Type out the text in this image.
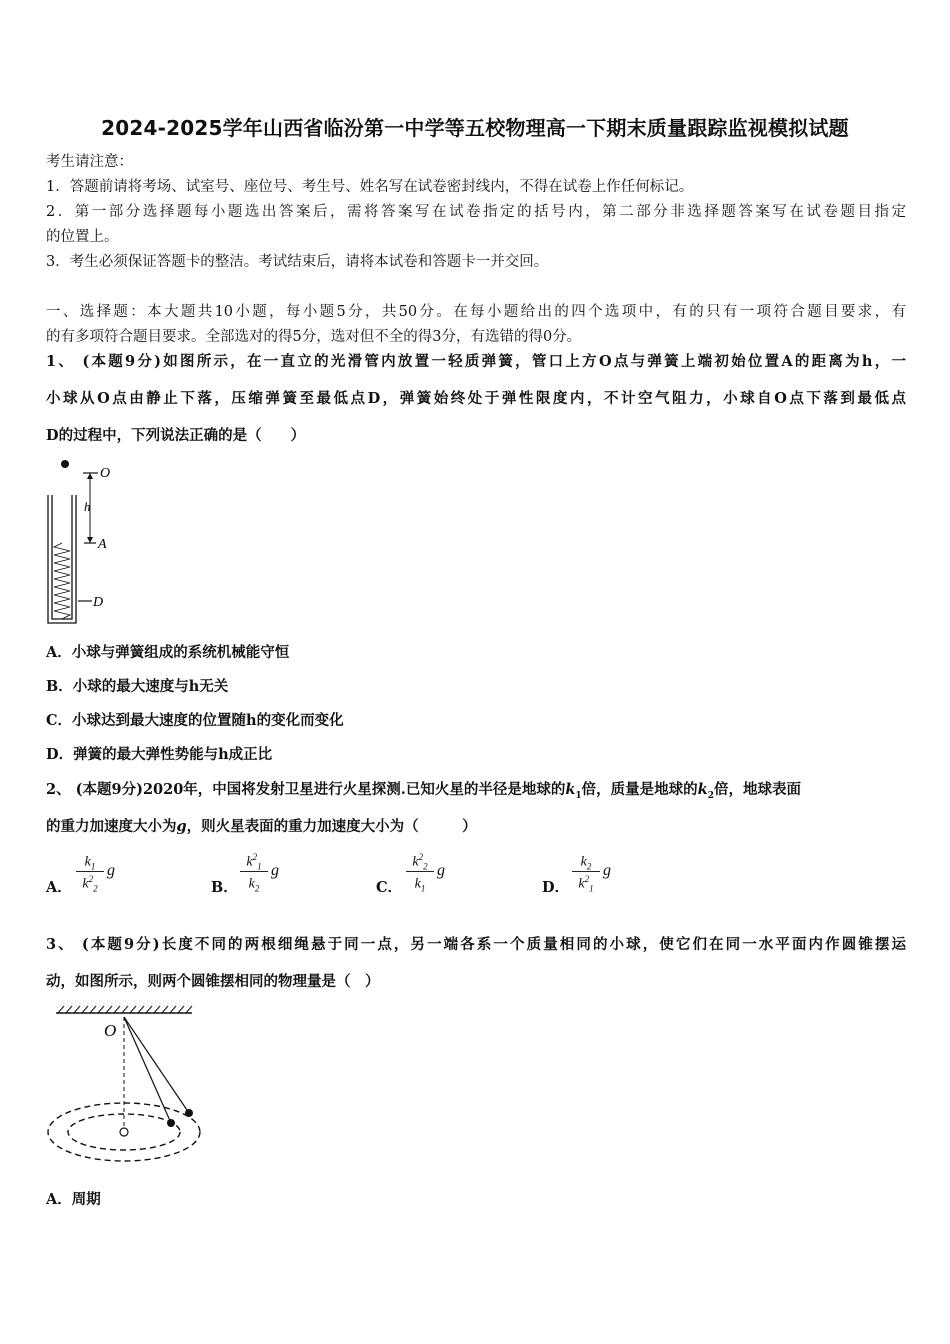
2024-2025学年山西省临汾第一中学等五校物理高一下期末质量跟踪监视模拟试题
考生请注意：
1．答题前请将考场、试室号、座位号、考生号、姓名写在试卷密封线内，不得在试卷上作任何标记。
2．第一部分选择题每小题选出答案后，需将答案写在试卷指定的括号内，第二部分非选择题答案写在试卷题目指定
的位置上。
3．考生必须保证答题卡的整洁。考试结束后，请将本试卷和答题卡一并交回。
一、选择题：本大题共10小题，每小题5分，共50分。在每小题给出的四个选项中，有的只有一项符合题目要求，有
的有多项符合题目要求。全部选对的得5分，选对但不全的得3分，有选错的得0分。
1、 (本题9分)如图所示，在一直立的光滑管内放置一轻质弹簧，管口上方O点与弹簧上端初始位置A的距离为h，一
小球从O点由静止下落，压缩弹簧至最低点D，弹簧始终处于弹性限度内，不计空气阻力，小球自O点下落到最低点
D的过程中，下列说法正确的是（　　）
O
h
A
D
A．小球与弹簧组成的系统机械能守恒
B．小球的最大速度与h无关
C．小球达到最大速度的位置随h的变化而变化
D．弹簧的最大弹性势能与h成正比
2、 (本题9分)2020年，中国将发射卫星进行火星探测.已知火星的半径是地球的$k_1$倍，质量是地球的$k_2$倍，地球表面
的重力加速度大小为g，则火星表面的重力加速度大小为（　　　）
A．
$k_1$
$k^2_2$
g
B．
$k^2_1$
$k_2$
g
C．
$k^2_2$
$k_1$
g
D．
$k_2$
$k^2_1$
g
3、 (本题9分)长度不同的两根细绳悬于同一点，另一端各系一个质量相同的小球，使它们在同一水平面内作圆锥摆运
动，如图所示，则两个圆锥摆相同的物理量是（　）
O
A．周期
